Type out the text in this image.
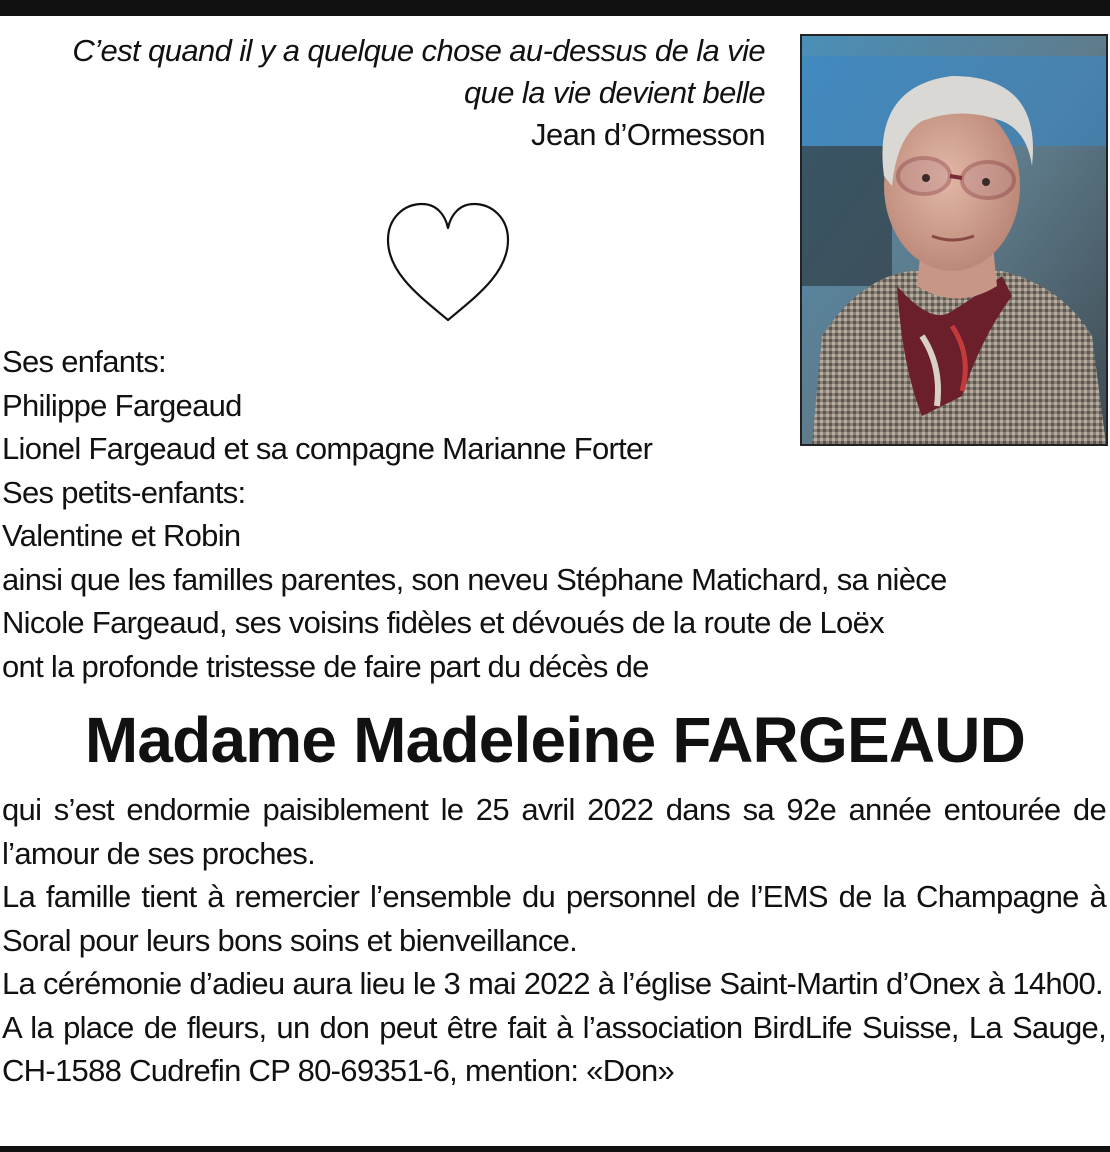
C’est quand il y a quelque chose au-dessus de la vie
que la vie devient belle
Jean d’Ormesson
Ses enfants:
Philippe Fargeaud
Lionel Fargeaud et sa compagne Marianne Forter
Ses petits-enfants:
Valentine et Robin
ainsi que les familles parentes, son neveu Stéphane Matichard, sa nièce
Nicole Fargeaud, ses voisins fidèles et dévoués de la route de Loëx
ont la profonde tristesse de faire part du décès de
Madame Madeleine FARGEAUD

qui s’est endormie paisiblement le 25 avril 2022 dans sa 92e année entourée de l’amour de ses proches.

La famille tient à remercier l’ensemble du personnel de l’EMS de la Champagne à Soral pour leurs bons soins et bienveillance.

La cérémonie d’adieu aura lieu le 3 mai 2022 à l’église Saint-Martin d’Onex à 14h00.

A la place de fleurs, un don peut être fait à l’association BirdLife Suisse, La Sauge, CH-1588 Cudrefin CP 80-69351-6, mention: «Don»
